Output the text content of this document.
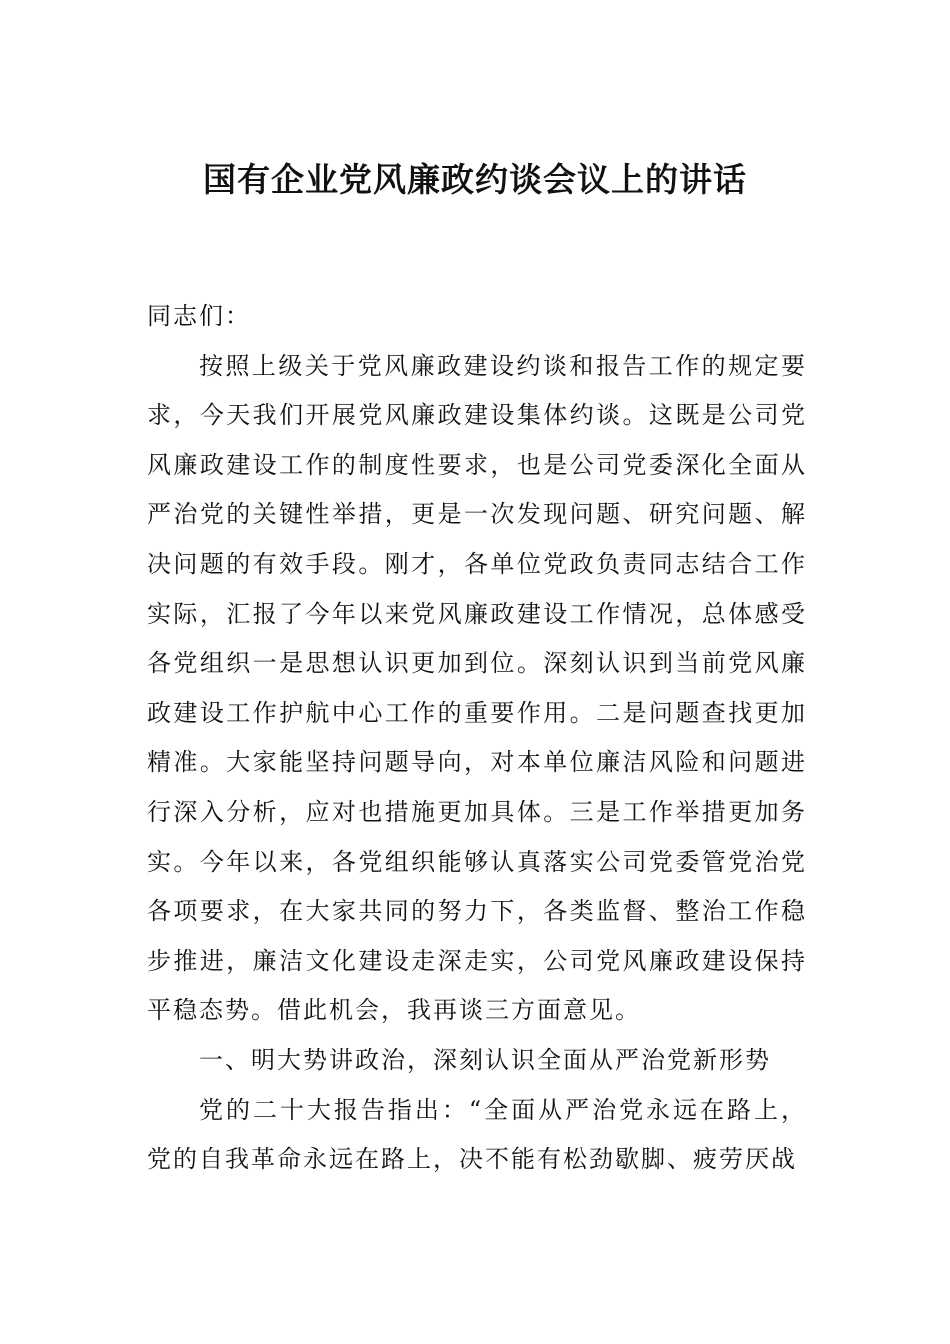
国有企业党风廉政约谈会议上的讲话

同志们：

按照上级关于党风廉政建设约谈和报告工作的规定要求，今天我们开展党风廉政建设集体约谈。这既是公司党风廉政建设工作的制度性要求，也是公司党委深化全面从严治党的关键性举措，更是一次发现问题、研究问题、解决问题的有效手段。刚才，各单位党政负责同志结合工作实际，汇报了今年以来党风廉政建设工作情况，总体感受各党组织一是思想认识更加到位。深刻认识到当前党风廉政建设工作护航中心工作的重要作用。二是问题查找更加精准。大家能坚持问题导向，对本单位廉洁风险和问题进行深入分析，应对也措施更加具体。三是工作举措更加务实。今年以来，各党组织能够认真落实公司党委管党治党各项要求，在大家共同的努力下，各类监督、整治工作稳步推进，廉洁文化建设走深走实，公司党风廉政建设保持平稳态势。借此机会，我再谈三方面意见。

一、明大势讲政治，深刻认识全面从严治党新形势

党的二十大报告指出：“全面从严治党永远在路上，党的自我革命永远在路上，决不能有松劲歇脚、疲劳厌战
